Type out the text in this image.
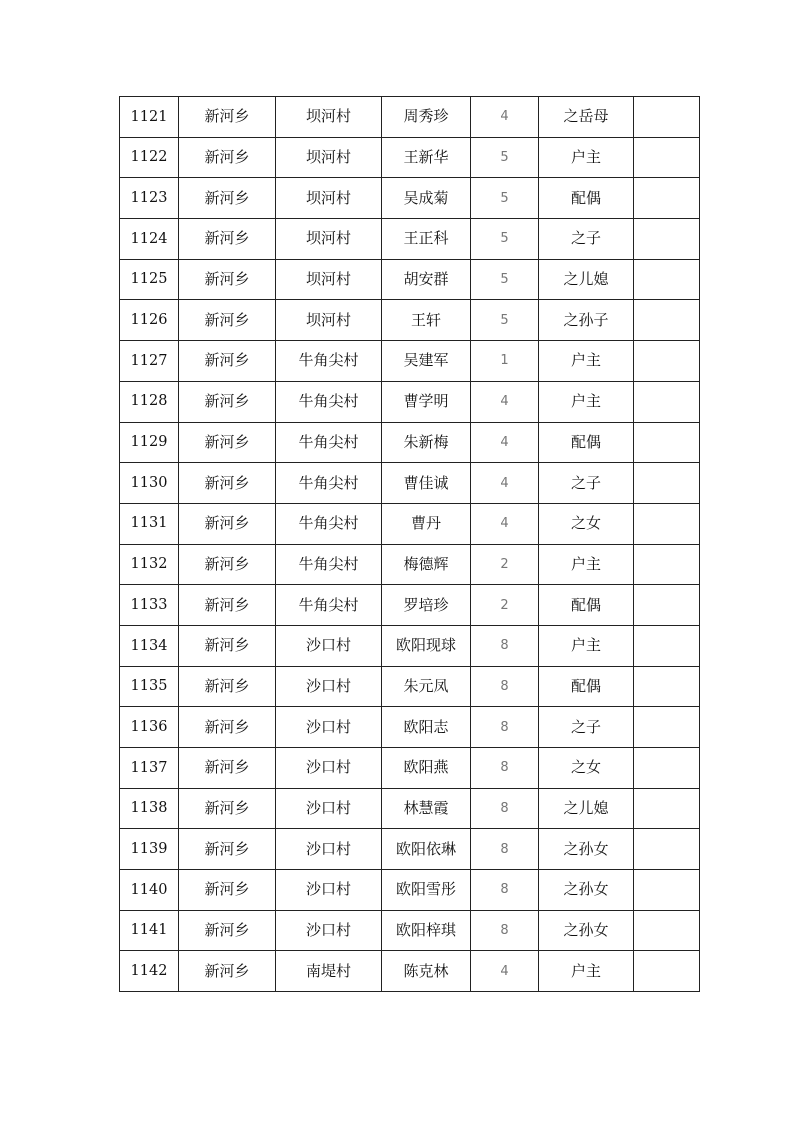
1121	新河乡	坝河村	周秀珍	4	之岳母	
1122	新河乡	坝河村	王新华	5	户主	
1123	新河乡	坝河村	吴成菊	5	配偶	
1124	新河乡	坝河村	王正科	5	之子	
1125	新河乡	坝河村	胡安群	5	之儿媳	
1126	新河乡	坝河村	王轩	5	之孙子	
1127	新河乡	牛角尖村	吴建军	1	户主	
1128	新河乡	牛角尖村	曹学明	4	户主	
1129	新河乡	牛角尖村	朱新梅	4	配偶	
1130	新河乡	牛角尖村	曹佳诚	4	之子	
1131	新河乡	牛角尖村	曹丹	4	之女	
1132	新河乡	牛角尖村	梅德辉	2	户主	
1133	新河乡	牛角尖村	罗培珍	2	配偶	
1134	新河乡	沙口村	欧阳现球	8	户主	
1135	新河乡	沙口村	朱元凤	8	配偶	
1136	新河乡	沙口村	欧阳志	8	之子	
1137	新河乡	沙口村	欧阳燕	8	之女	
1138	新河乡	沙口村	林慧霞	8	之儿媳	
1139	新河乡	沙口村	欧阳依琳	8	之孙女	
1140	新河乡	沙口村	欧阳雪彤	8	之孙女	
1141	新河乡	沙口村	欧阳梓琪	8	之孙女	
1142	新河乡	南堤村	陈克林	4	户主	
